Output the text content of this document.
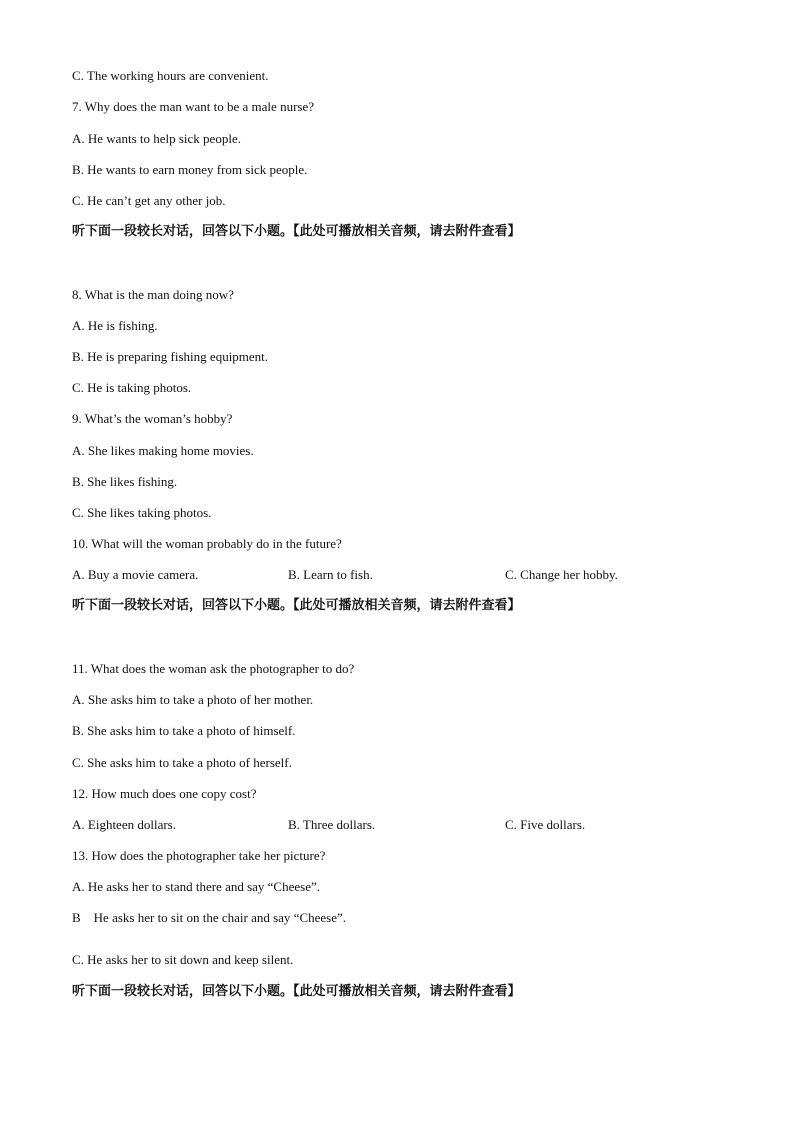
C. The working hours are convenient.
7. Why does the man want to be a male nurse?
A. He wants to help sick people.
B. He wants to earn money from sick people.
C. He can’t get any other job.
听下面一段较长对话，回答以下小题。【此处可播放相关音频，请去附件查看】
8. What is the man doing now?
A. He is fishing.
B. He is preparing fishing equipment.
C. He is taking photos.
9. What’s the woman’s hobby?
A. She likes making home movies.
B. She likes fishing.
C. She likes taking photos.
10. What will the woman probably do in the future?
A. Buy a movie camera.	B. Learn to fish.	C. Change her hobby.
听下面一段较长对话，回答以下小题。【此处可播放相关音频，请去附件查看】
11. What does the woman ask the photographer to do?
A. She asks him to take a photo of her mother.
B. She asks him to take a photo of himself.
C. She asks him to take a photo of herself.
12. How much does one copy cost?
A. Eighteen dollars.	B. Three dollars.	C. Five dollars.
13. How does the photographer take her picture?
A. He asks her to stand there and say “Cheese”.
B    He asks her to sit on the chair and say “Cheese”.
C. He asks her to sit down and keep silent.
听下面一段较长对话，回答以下小题。【此处可播放相关音频，请去附件查看】
